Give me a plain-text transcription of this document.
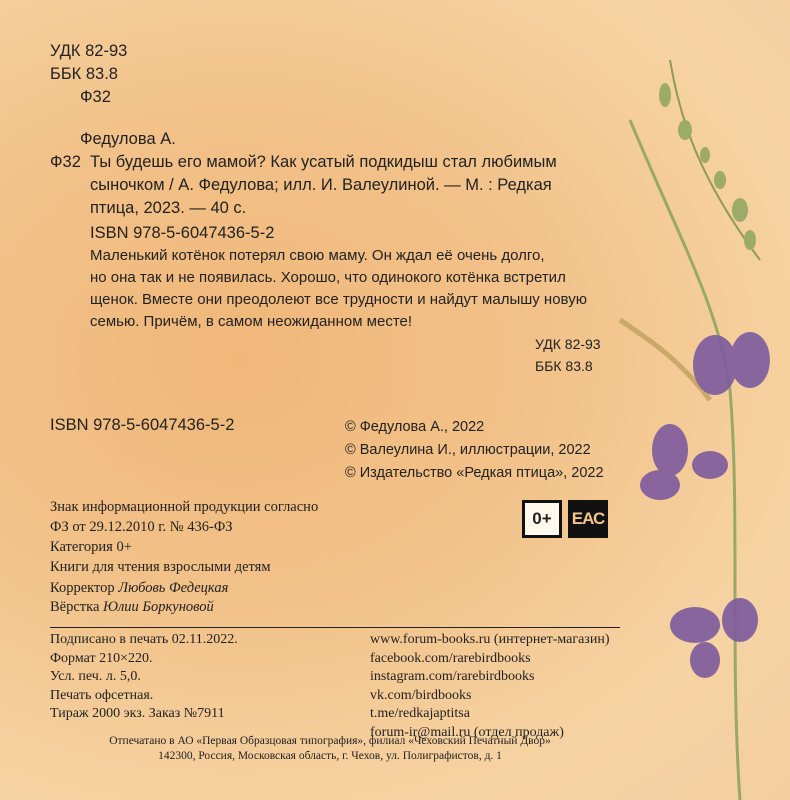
УДК 82-93
ББК 83.8
Ф32
Федулова А.
Ф32 Ты будешь его мамой? Как усатый подкидыш стал любимым
сыночком / А. Федулова; илл. И. Валеулиной. — М. : Редкая
птица, 2023. — 40 с.
ISBN 978-5-6047436-5-2
Маленький котёнок потерял свою маму. Он ждал её очень долго,
но она так и не появилась. Хорошо, что одинокого котёнка встретил
щенок. Вместе они преодолеют все трудности и найдут малышу новую
семью. Причём, в самом неожиданном месте!
УДК 82-93
ББК 83.8
ISBN 978-5-6047436-5-2	© Федулова А., 2022
© Валеулина И., иллюстрации, 2022
© Издательство «Редкая птица», 2022
Знак информационной продукции согласно
ФЗ от 29.12.2010 г. № 436-ФЗ
Категория 0+
Книги для чтения взрослыми детям
0+	ЕАС
Корректор Любовь Федецкая
Вёрстка Юлии Боркуновой
Подписано в печать 02.11.2022.
Формат 210×220.
Усл. печ. л. 5,0.
Печать офсетная.
Тираж 2000 экз. Заказ №7911
www.forum-books.ru (интернет-магазин)
facebook.com/rarebirdbooks
instagram.com/rarebirdbooks
vk.com/birdbooks
t.me/redkajaptitsa
forum-ir@mail.ru (отдел продаж)
Отпечатано в АО «Первая Образцовая типография», филиал «Чеховский Печатный Двор»
142300, Россия, Московская область, г. Чехов, ул. Полиграфистов, д. 1
